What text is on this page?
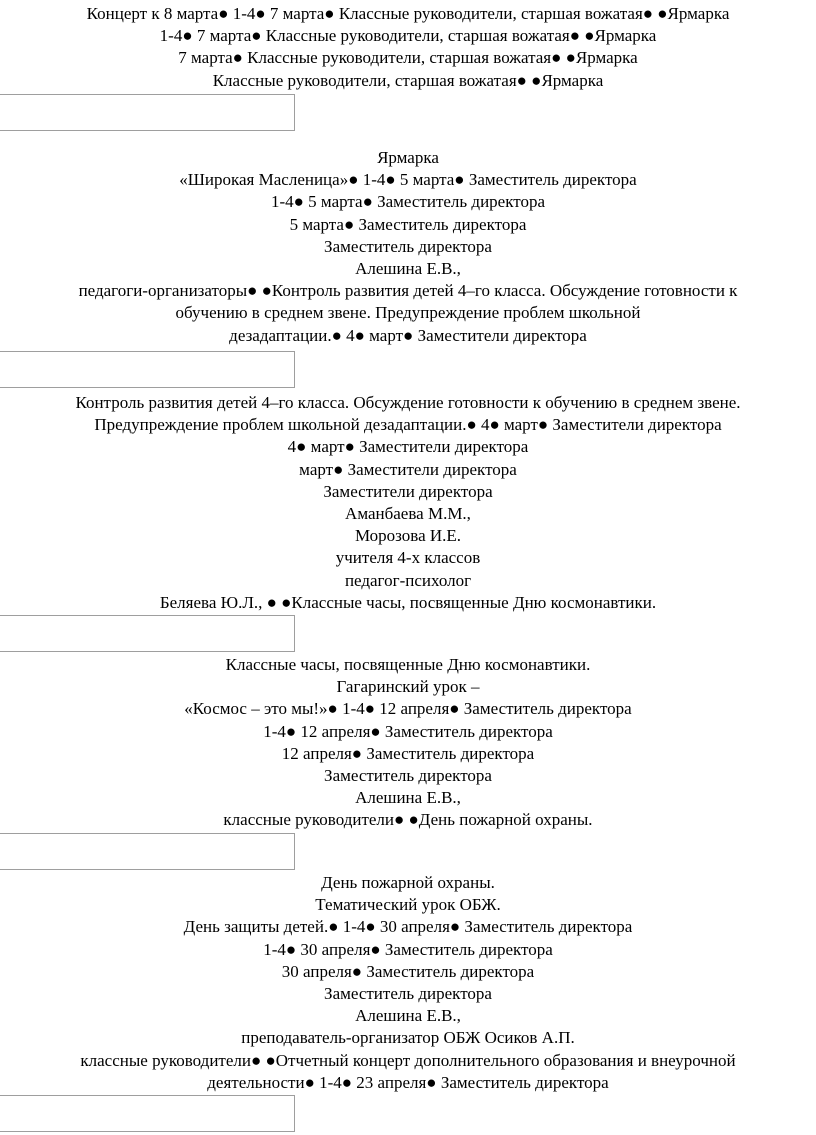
Концерт к 8 марта● 1-4● 7 марта● Классные руководители, старшая вожатая● ●Ярмарка
1-4● 7 марта● Классные руководители, старшая вожатая● ●Ярмарка
7 марта● Классные руководители, старшая вожатая● ●Ярмарка
Классные руководители, старшая вожатая● ●Ярмарка
Ярмарка
«Широкая Масленица»● 1-4● 5 марта● Заместитель директора
1-4● 5 марта● Заместитель директора
5 марта● Заместитель директора
Заместитель директора
Алешина Е.В.,
педагоги-организаторы● ●Контроль развития детей 4–го класса. Обсуждение готовности к
обучению в среднем звене. Предупреждение проблем школьной
дезадаптации.● 4● март● Заместители директора
Контроль развития детей 4–го класса. Обсуждение готовности к обучению в среднем звене.
Предупреждение проблем школьной дезадаптации.● 4● март● Заместители директора
4● март● Заместители директора
март● Заместители директора
Заместители директора
Аманбаева М.М.,
Морозова И.Е.
учителя 4-х классов
педагог-психолог
Беляева Ю.Л., ● ●Классные часы, посвященные Дню космонавтики.
Классные часы, посвященные Дню космонавтики.
Гагаринский урок –
«Космос – это мы!»● 1-4● 12 апреля● Заместитель директора
1-4● 12 апреля● Заместитель директора
12 апреля● Заместитель директора
Заместитель директора
Алешина Е.В.,
классные руководители● ●День пожарной охраны.
День пожарной охраны.
Тематический урок ОБЖ.
День защиты детей.● 1-4● 30 апреля● Заместитель директора
1-4● 30 апреля● Заместитель директора
30 апреля● Заместитель директора
Заместитель директора
Алешина Е.В.,
преподаватель-организатор ОБЖ Осиков А.П.
классные руководители● ●Отчетный концерт дополнительного образования и внеурочной
деятельности● 1-4● 23 апреля● Заместитель директора
